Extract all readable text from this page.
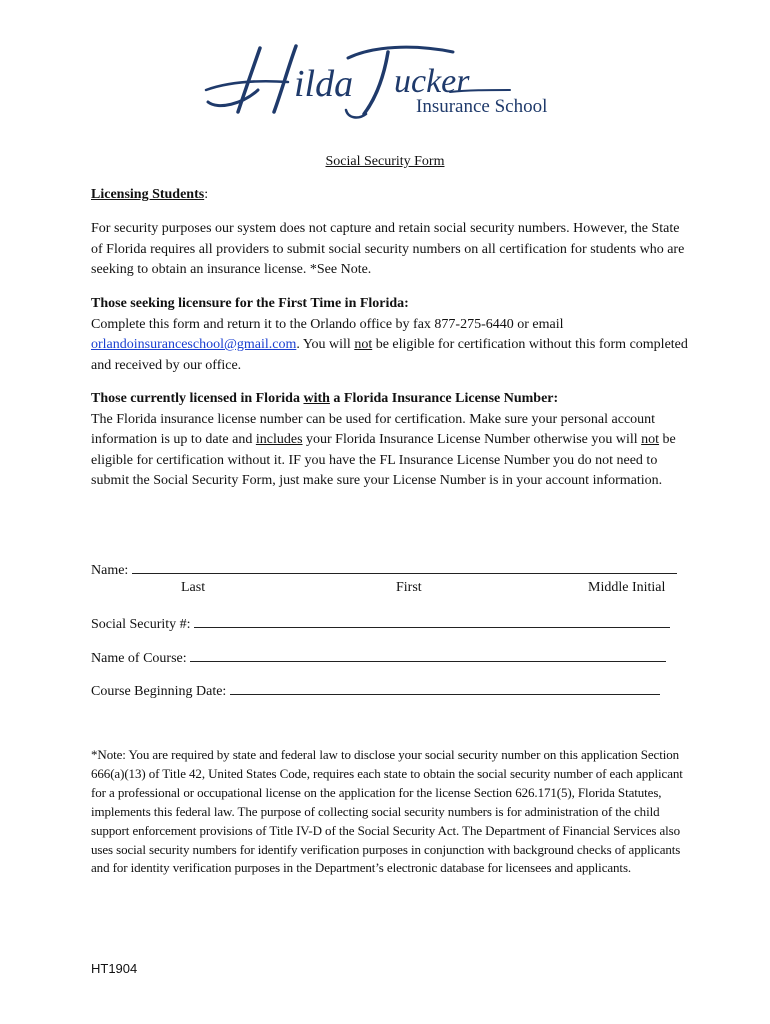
ilda ucker
Insurance School
Social Security Form
Licensing Students:
For security purposes our system does not capture and retain social security numbers. However, the State of Florida requires all providers to submit social security numbers on all certification for students who are seeking to obtain an insurance license. *See Note.
Those seeking licensure for the First Time in Florida:
Complete this form and return it to the Orlando office by fax 877-275-6440 or email orlandoinsuranceschool@gmail.com. You will not be eligible for certification without this form completed and received by our office.
Those currently licensed in Florida with a Florida Insurance License Number:
The Florida insurance license number can be used for certification. Make sure your personal account information is up to date and includes your Florida Insurance License Number otherwise you will not be eligible for certification without it. IF you have the FL Insurance License Number you do not need to submit the Social Security Form, just make sure your License Number is in your account information.
Name:
Last	First	Middle Initial
Social Security #:
Name of Course:
Course Beginning Date:
*Note: You are required by state and federal law to disclose your social security number on this application Section 666(a)(13) of Title 42, United States Code, requires each state to obtain the social security number of each applicant for a professional or occupational license on the application for the license Section 626.171(5), Florida Statutes, implements this federal law. The purpose of collecting social security numbers is for administration of the child support enforcement provisions of Title IV-D of the Social Security Act. The Department of Financial Services also uses social security numbers for identify verification purposes in conjunction with background checks of applicants and for identity verification purposes in the Department’s electronic database for licensees and applicants.
HT1904
